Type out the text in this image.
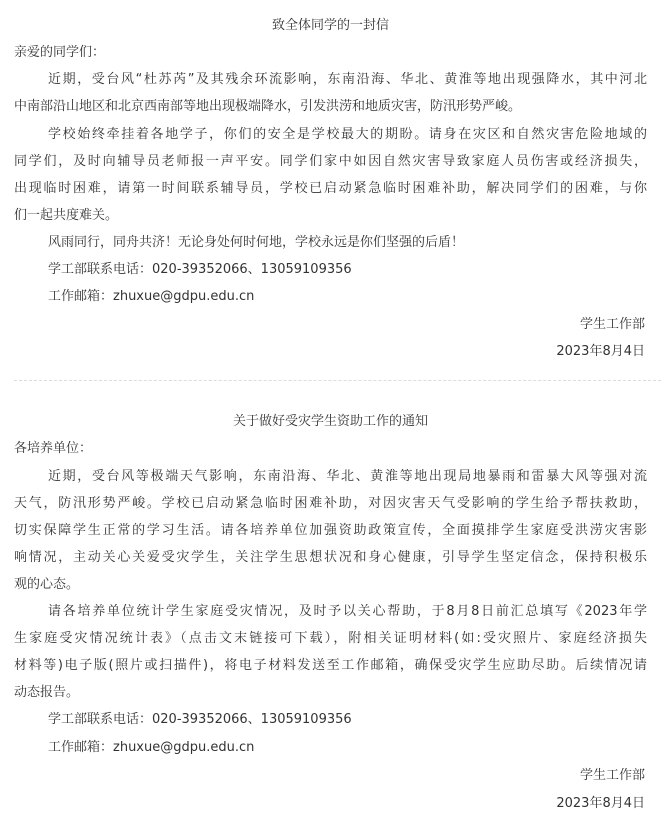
致全体同学的一封信
亲爱的同学们：
近期，受台风“杜苏芮”及其残余环流影响，东南沿海、华北、黄淮等地出现强降水，其中河北
中南部沿山地区和北京西南部等地出现极端降水，引发洪涝和地质灾害，防汛形势严峻。
学校始终牵挂着各地学子，你们的安全是学校最大的期盼。请身在灾区和自然灾害危险地域的
同学们，及时向辅导员老师报一声平安。同学们家中如因自然灾害导致家庭人员伤害或经济损失，
出现临时困难，请第一时间联系辅导员，学校已启动紧急临时困难补助，解决同学们的困难，与你
们一起共度难关。
风雨同行，同舟共济！无论身处何时何地，学校永远是你们坚强的后盾！
学工部联系电话：020-39352066、13059109356
工作邮箱：zhuxue@gdpu.edu.cn
学生工作部
2023年8月4日
关于做好受灾学生资助工作的通知
各培养单位：
近期，受台风等极端天气影响，东南沿海、华北、黄淮等地出现局地暴雨和雷暴大风等强对流
天气，防汛形势严峻。学校已启动紧急临时困难补助，对因灾害天气受影响的学生给予帮扶救助，
切实保障学生正常的学习生活。请各培养单位加强资助政策宣传，全面摸排学生家庭受洪涝灾害影
响情况，主动关心关爱受灾学生，关注学生思想状况和身心健康，引导学生坚定信念，保持积极乐
观的心态。
请各培养单位统计学生家庭受灾情况，及时予以关心帮助，于8月8日前汇总填写《2023年学
生家庭受灾情况统计表》（点击文末链接可下载），附相关证明材料(如:受灾照片、家庭经济损失
材料等)电子版(照片或扫描件)，将电子材料发送至工作邮箱，确保受灾学生应助尽助。后续情况请
动态报告。
学工部联系电话：020-39352066、13059109356
工作邮箱：zhuxue@gdpu.edu.cn
学生工作部
2023年8月4日
